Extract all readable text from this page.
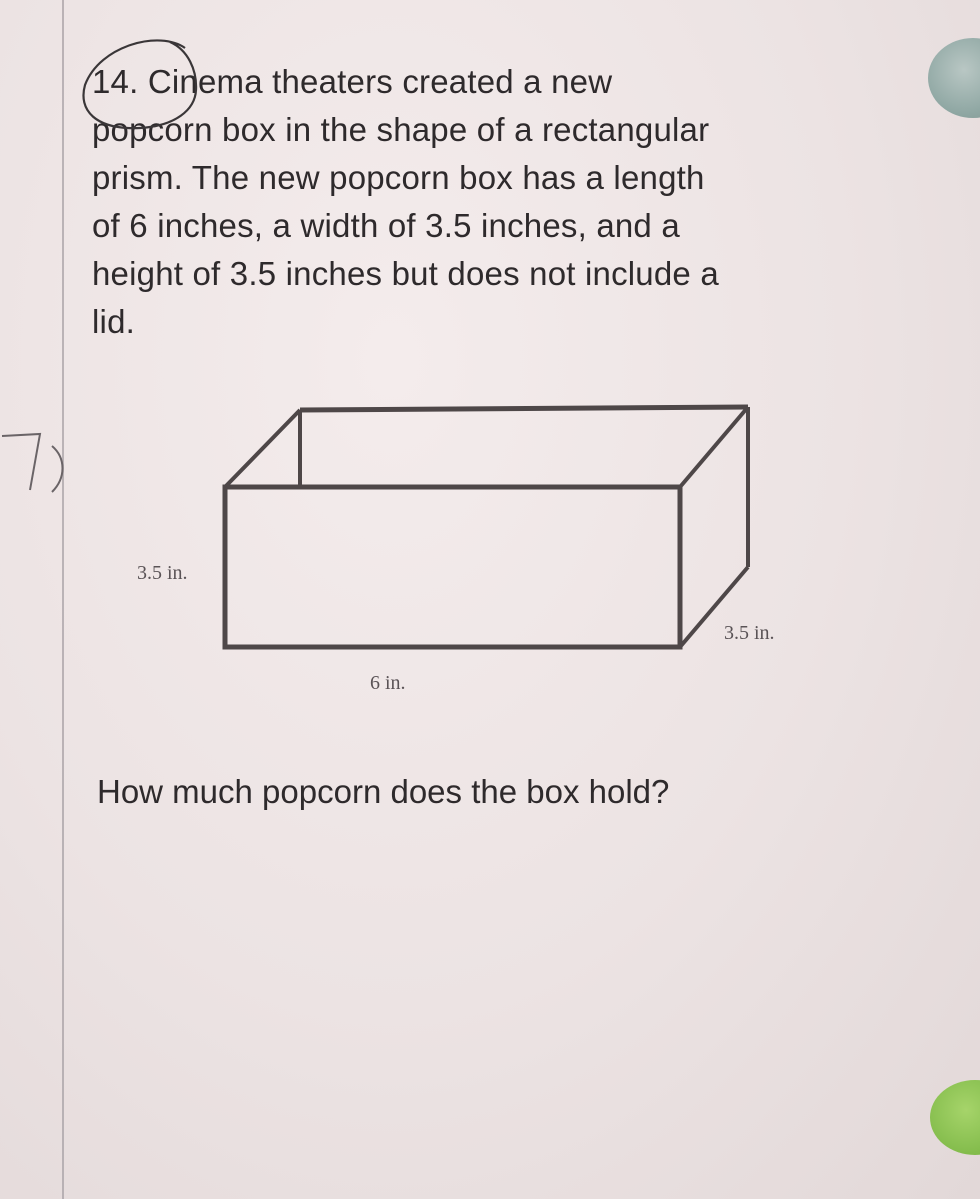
14. Cinema theaters created a new

popcorn box in the shape of a rectangular

prism. The new popcorn box has a length

of 6 inches, a width of 3.5 inches, and a

height of 3.5 inches but does not include a

lid.

3.5 in.
3.5 in.
6 in.
How much popcorn does the box hold?
